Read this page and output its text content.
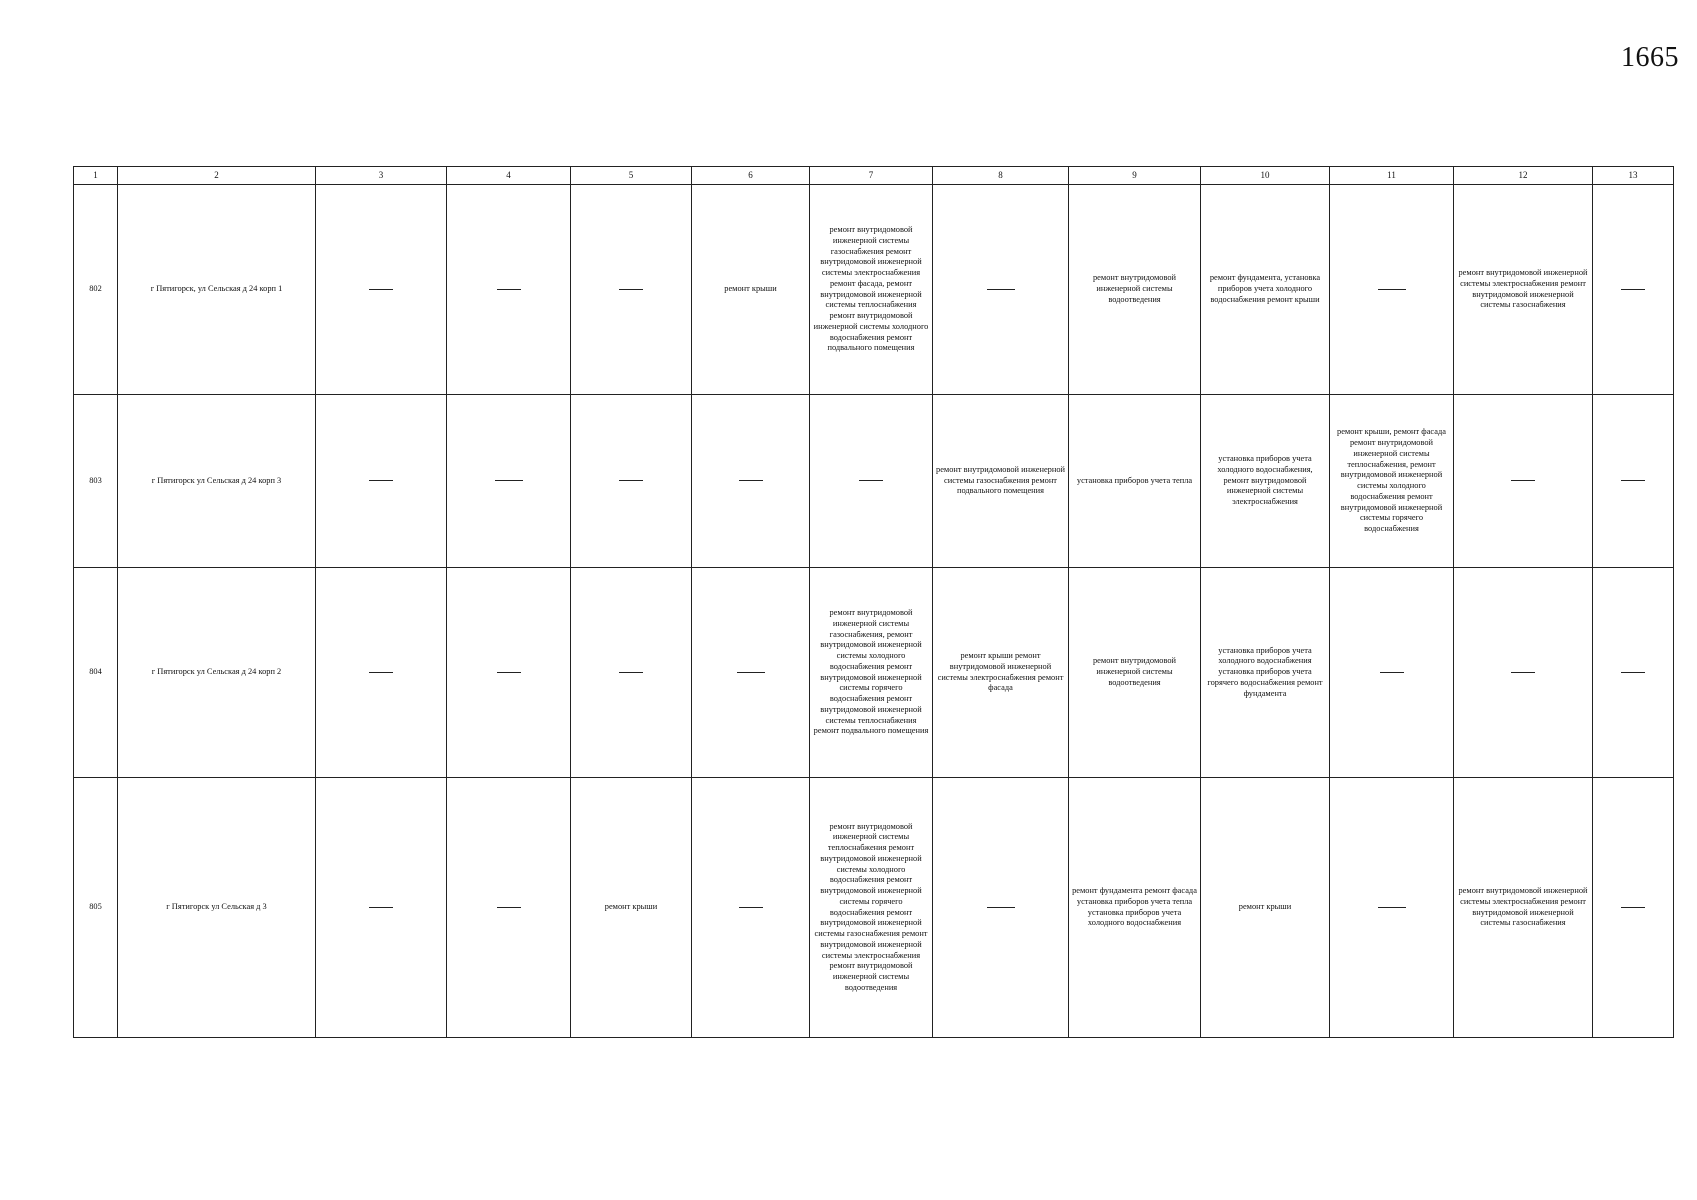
1665
1	2	3	4	5	6	7	8	9	10	11	12	13
802	г Пятигорск, ул Сельская д 24 корп 1				ремонт крыши	ремонт внутридомовой инженерной системы газоснабжения ремонт внутридомовой инженерной системы электроснабжения ремонт фасада, ремонт внутридомовой инженерной системы теплоснабжения ремонт внутридомовой инженерной системы холодного водоснабжения ремонт подвального помещения		ремонт внутридомовой инженерной системы водоотведения	ремонт фундамента, установка приборов учета холодного водоснабжения ремонт крыши		ремонт внутридомовой инженерной системы электроснабжения ремонт внутридомовой инженерной системы газоснабжения	
803	г Пятигорск ул Сельская д 24 корп 3						ремонт внутридомовой инженерной системы газоснабжения ремонт подвального помещения	установка приборов учета тепла	установка приборов учета холодного водоснабжения, ремонт внутридомовой инженерной системы электроснабжения	ремонт крыши, ремонт фасада ремонт внутридомовой инженерной системы теплоснабжения, ремонт внутридомовой инженерной системы холодного водоснабжения ремонт внутридомовой инженерной системы горячего водоснабжения		
804	г Пятигорск ул Сельская д 24 корп 2					ремонт внутридомовой инженерной системы газоснабжения, ремонт внутридомовой инженерной системы холодного водоснабжения ремонт внутридомовой инженерной системы горячего водоснабжения ремонт внутридомовой инженерной системы теплоснабжения ремонт подвального помещения	ремонт крыши ремонт внутридомовой инженерной системы электроснабжения ремонт фасада	ремонт внутридомовой инженерной системы водоотведения	установка приборов учета холодного водоснабжения установка приборов учета горячего водоснабжения ремонт фундамента			
805	г Пятигорск ул Сельская д 3			ремонт крыши		ремонт внутридомовой инженерной системы теплоснабжения ремонт внутридомовой инженерной системы холодного водоснабжения ремонт внутридомовой инженерной системы горячего водоснабжения ремонт внутридомовой инженерной системы газоснабжения ремонт внутридомовой инженерной системы электроснабжения ремонт внутридомовой инженерной системы водоотведения		ремонт фундамента ремонт фасада установка приборов учета тепла установка приборов учета холодного водоснабжения	ремонт крыши		ремонт внутридомовой инженерной системы электроснабжения ремонт внутридомовой инженерной системы газоснабжения	
